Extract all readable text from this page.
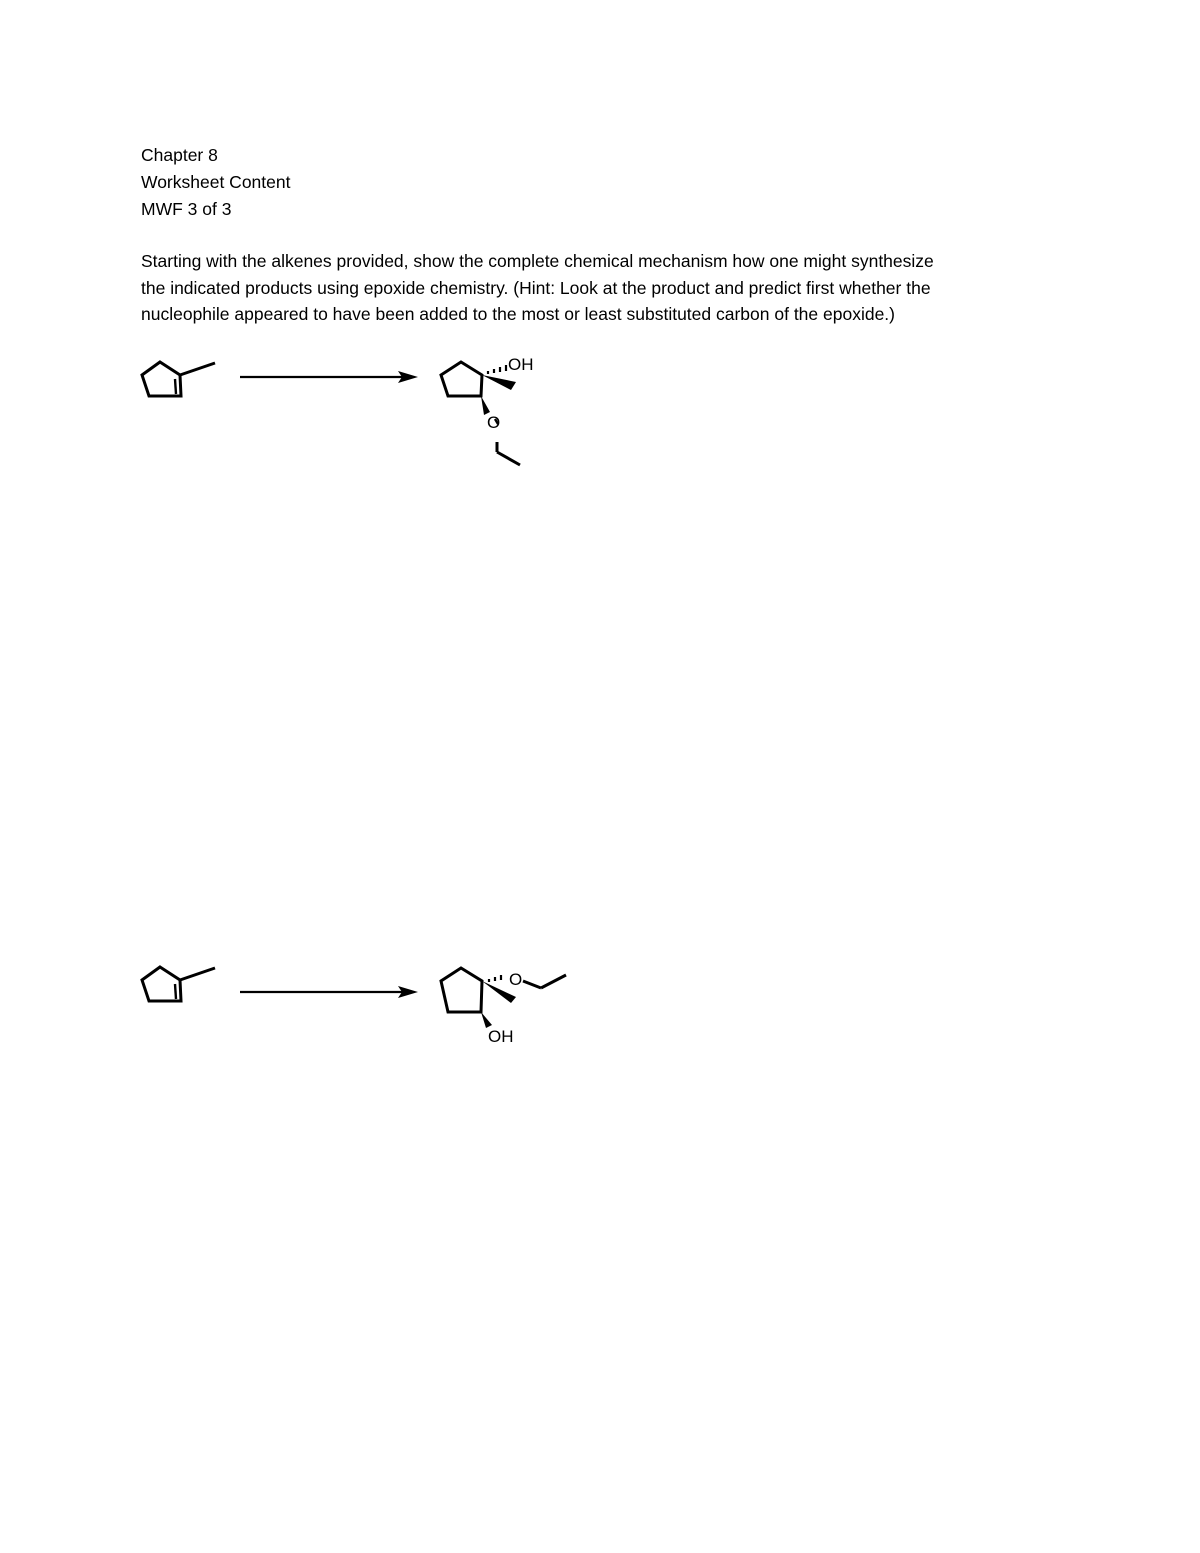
Chapter 8
Worksheet Content
MWF 3 of 3
Starting with the alkenes provided, show the complete chemical mechanism how one might synthesize
the indicated products using epoxide chemistry. (Hint: Look at the product and predict first whether the
nucleophile appeared to have been added to the most or least substituted carbon of the epoxide.)
OH
O
O
OH
